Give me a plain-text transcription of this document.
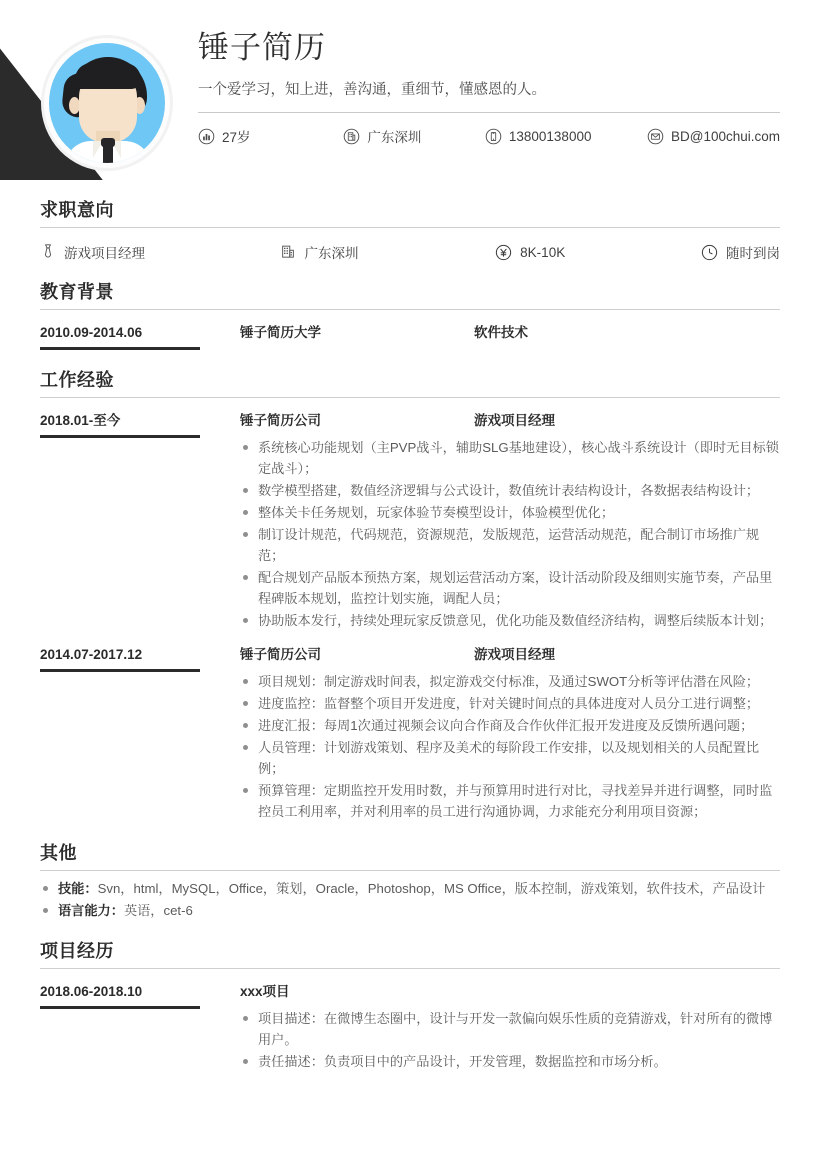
锤子简历
一个爱学习，知上进，善沟通，重细节，懂感恩的人。
27岁	广东深圳	13800138000	BD@100chui.com
求职意向
游戏项目经理	广东深圳	8K-10K	随时到岗
教育背景
2010.09-2014.06	锤子简历大学	软件技术
工作经验
2018.01-至今	锤子简历公司	游戏项目经理
系统核心功能规划（主PVP战斗，辅助SLG基地建设），核心战斗系统设计（即时无目标锁定战斗）；
数学模型搭建，数值经济逻辑与公式设计，数值统计表结构设计，各数据表结构设计；
整体关卡任务规划，玩家体验节奏模型设计，体验模型优化；
制订设计规范，代码规范，资源规范，发版规范，运营活动规范，配合制订市场推广规范；
配合规划产品版本预热方案，规划运营活动方案，设计活动阶段及细则实施节奏，产品里程碑版本规划，监控计划实施，调配人员；
协助版本发行，持续处理玩家反馈意见，优化功能及数值经济结构，调整后续版本计划；
2014.07-2017.12	锤子简历公司	游戏项目经理
项目规划：制定游戏时间表，拟定游戏交付标准，及通过SWOT分析等评估潜在风险；
进度监控：监督整个项目开发进度，针对关键时间点的具体进度对人员分工进行调整；
进度汇报：每周1次通过视频会议向合作商及合作伙伴汇报开发进度及反馈所遇问题；
人员管理：计划游戏策划、程序及美术的每阶段工作安排，以及规划相关的人员配置比例；
预算管理：定期监控开发用时数，并与预算用时进行对比，寻找差异并进行调整，同时监控员工利用率，并对利用率的员工进行沟通协调，力求能充分利用项目资源；
其他
技能：Svn，html，MySQL，Office，策划，Oracle，Photoshop，MS Office，版本控制，游戏策划，软件技术，产品设计
语言能力：英语，cet-6
项目经历
2018.06-2018.10	xxx项目
项目描述：在微博生态圈中，设计与开发一款偏向娱乐性质的竞猜游戏，针对所有的微博用户。
责任描述：负责项目中的产品设计，开发管理，数据监控和市场分析。
